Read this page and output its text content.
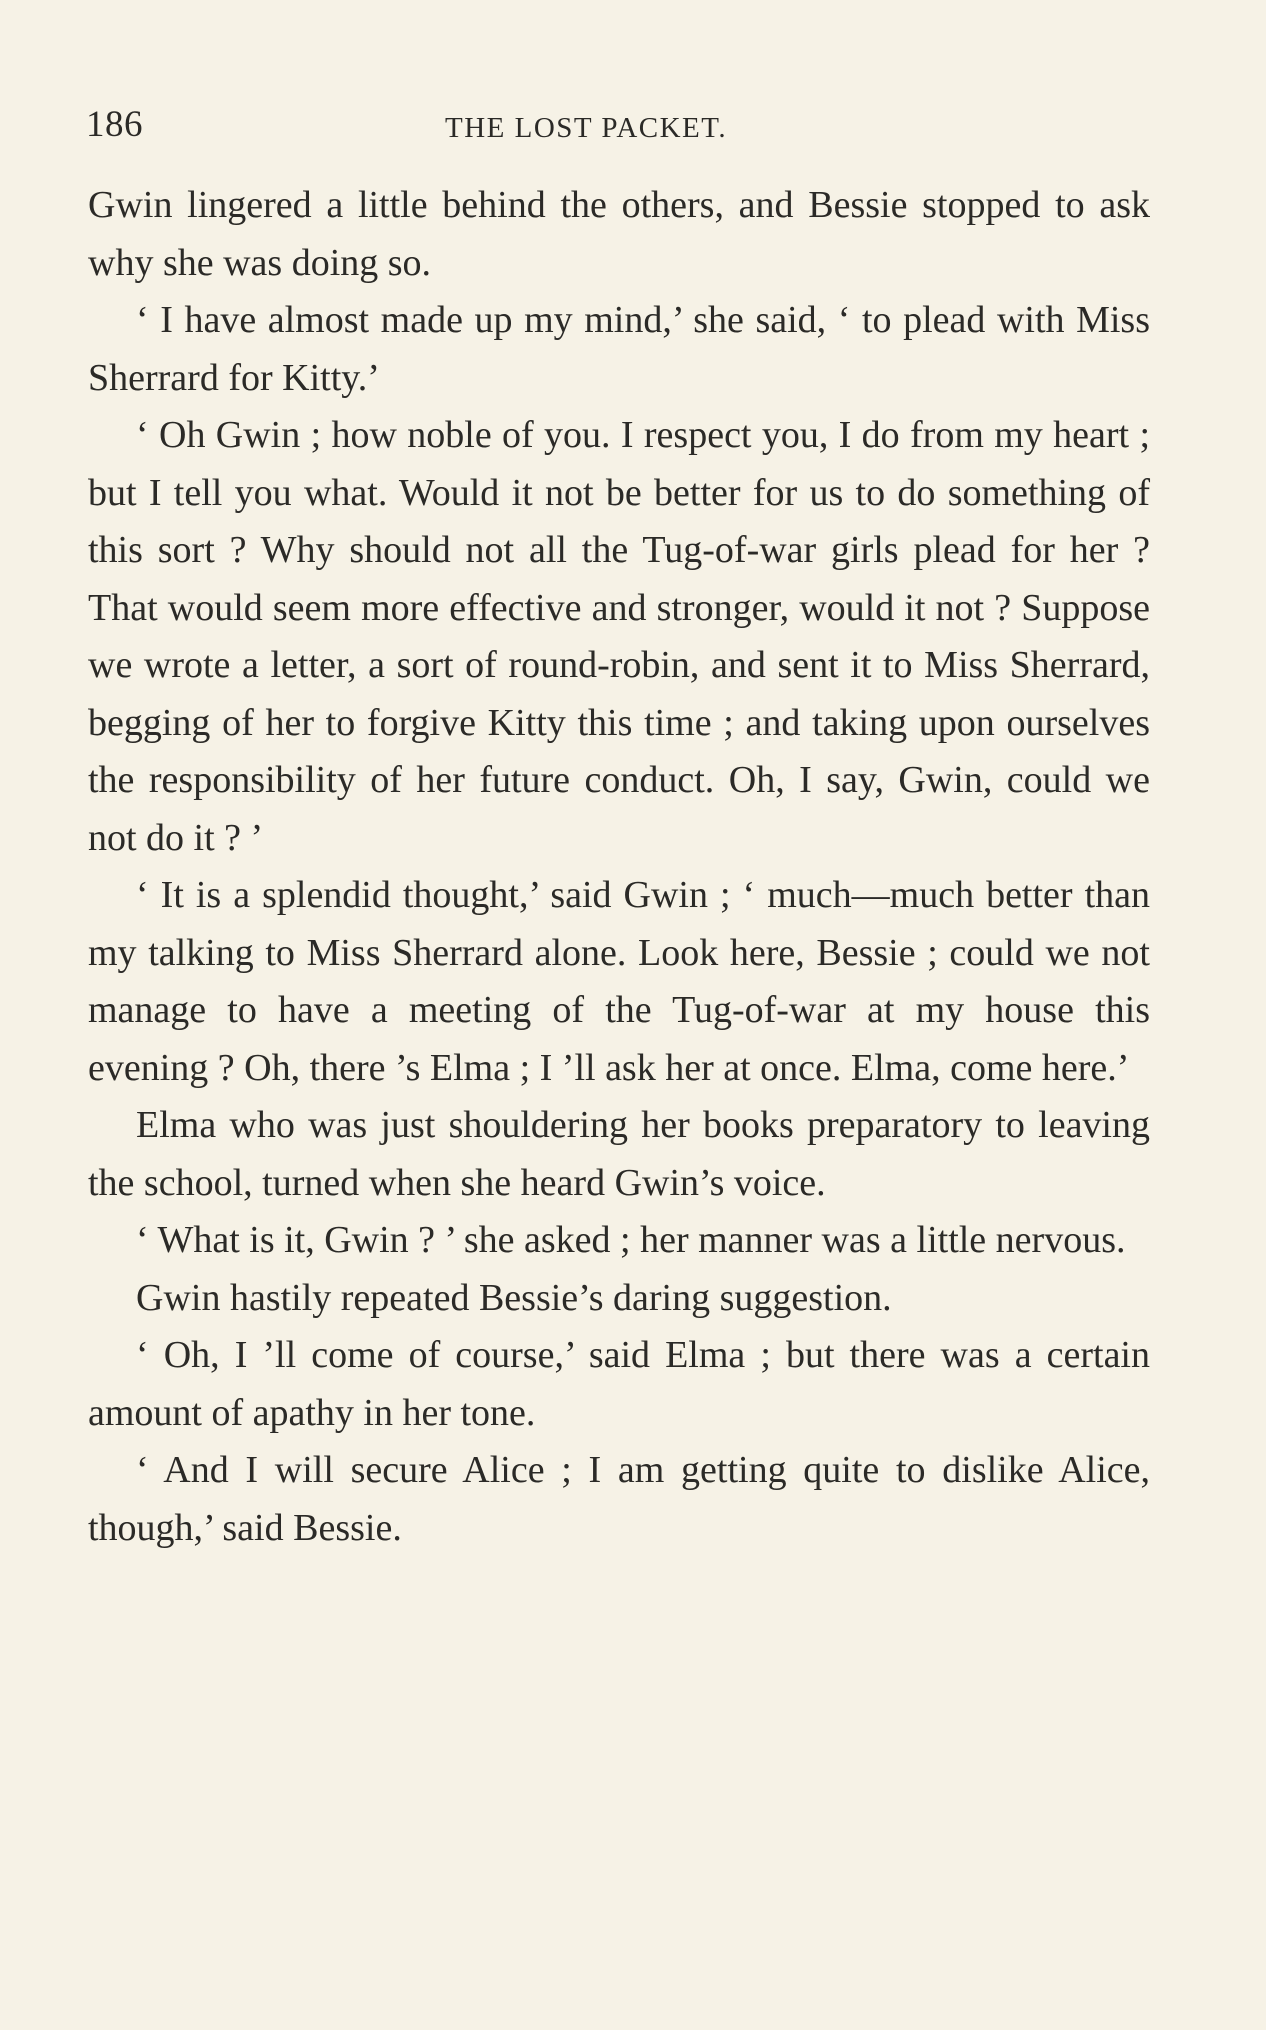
186	THE LOST PACKET.

Gwin lingered a little behind the others, and Bessie stopped to ask why she was doing so.

‘ I have almost made up my mind,’ she said, ‘ to plead with Miss Sherrard for Kitty.’

‘ Oh Gwin ; how noble of you. I respect you, I do from my heart ; but I tell you what. Would it not be better for us to do something of this sort ? Why should not all the Tug-of-war girls plead for her ? That would seem more effective and stronger, would it not ? Suppose we wrote a letter, a sort of round-robin, and sent it to Miss Sherrard, begging of her to forgive Kitty this time ; and taking upon ourselves the responsibility of her future conduct. Oh, I say, Gwin, could we not do it ? ’

‘ It is a splendid thought,’ said Gwin ; ‘ much—much better than my talking to Miss Sherrard alone. Look here, Bessie ; could we not manage to have a meeting of the Tug-of-war at my house this evening ? Oh, there ’s Elma ; I ’ll ask her at once. Elma, come here.’

Elma who was just shouldering her books preparatory to leaving the school, turned when she heard Gwin’s voice.

‘ What is it, Gwin ? ’ she asked ; her manner was a little nervous.

Gwin hastily repeated Bessie’s daring suggestion.

‘ Oh, I ’ll come of course,’ said Elma ; but there was a certain amount of apathy in her tone.

‘ And I will secure Alice ; I am getting quite to dislike Alice, though,’ said Bessie.
